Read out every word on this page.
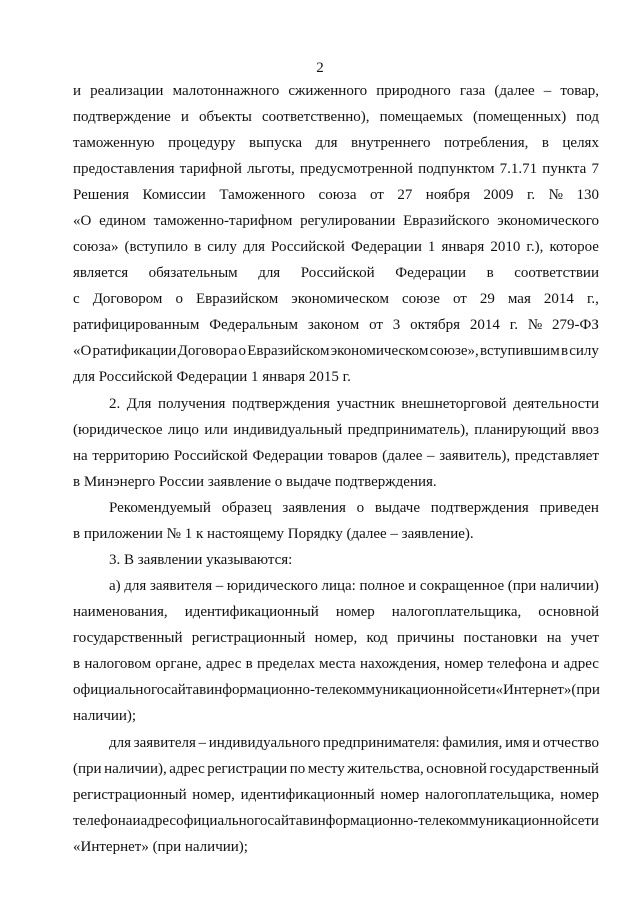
2
и реализации малотоннажного сжиженного природного газа (далее – товар,
подтверждение и объекты соответственно), помещаемых (помещенных) под
таможенную процедуру выпуска для внутреннего потребления, в целях
предоставления тарифной льготы, предусмотренной подпунктом 7.1.71 пункта 7
Решения Комиссии Таможенного союза от 27 ноября 2009 г. № 130
«О едином таможенно-тарифном регулировании Евразийского экономического
союза» (вступило в силу для Российской Федерации 1 января 2010 г.), которое
является обязательным для Российской Федерации в соответствии
с Договором о Евразийском экономическом союзе от 29 мая 2014 г.,
ратифицированным Федеральным законом от 3 октября 2014 г. № 279-ФЗ
«О ратификации Договора о Евразийском экономическом союзе», вступившим в силу
для Российской Федерации 1 января 2015 г.
2. Для получения подтверждения участник внешнеторговой деятельности
(юридическое лицо или индивидуальный предприниматель), планирующий ввоз
на территорию Российской Федерации товаров (далее – заявитель), представляет
в Минэнерго России заявление о выдаче подтверждения.
Рекомендуемый образец заявления о выдаче подтверждения приведен
в приложении № 1 к настоящему Порядку (далее – заявление).
3. В заявлении указываются:
а) для заявителя – юридического лица: полное и сокращенное (при наличии)
наименования, идентификационный номер налогоплательщика, основной
государственный регистрационный номер, код причины постановки на учет
в налоговом органе, адрес в пределах места нахождения, номер телефона и адрес
официального сайта в информационно-телекоммуникационной сети «Интернет» (при
наличии);
для заявителя – индивидуального предпринимателя: фамилия, имя и отчество
(при наличии), адрес регистрации по месту жительства, основной государственный
регистрационный номер, идентификационный номер налогоплательщика, номер
телефона и адрес официального сайта в информационно-телекоммуникационной сети
«Интернет» (при наличии);
